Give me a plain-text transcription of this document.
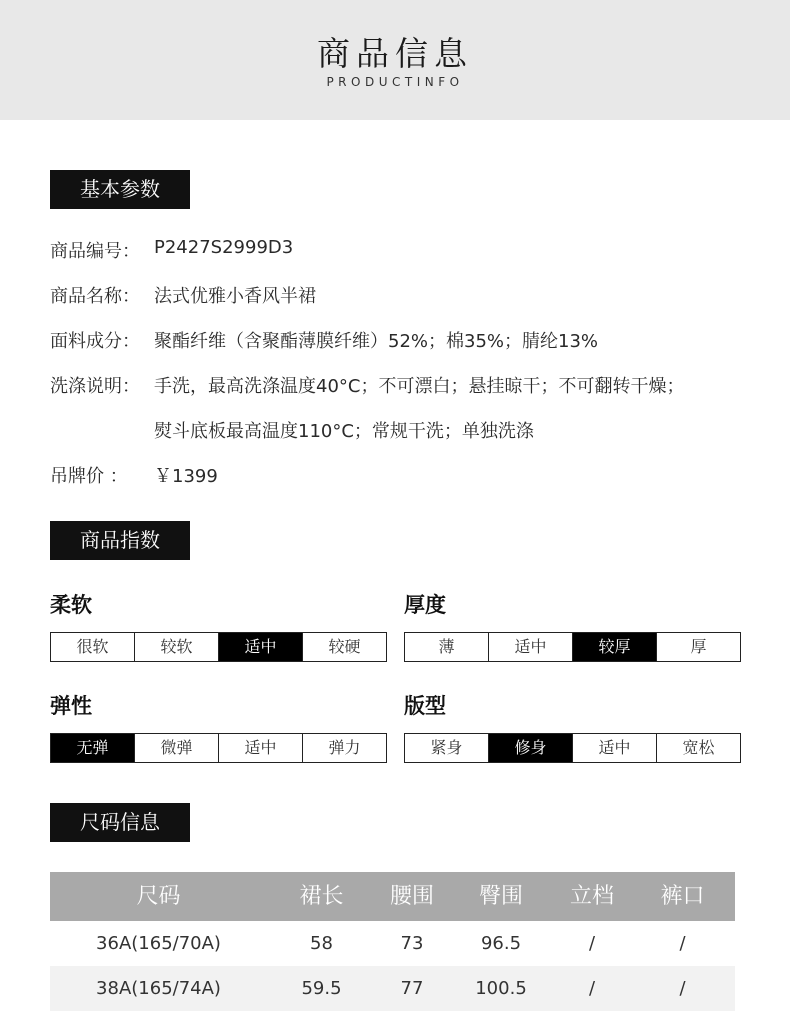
商品信息
PRODUCTINFO
基本参数
商品编号： P2427S2999D3
商品名称： 法式优雅小香风半裙
面料成分： 聚酯纤维（含聚酯薄膜纤维）52%；棉35%；腈纶13%
洗涤说明： 手洗，最高洗涤温度40°C；不可漂白；悬挂晾干；不可翻转干燥；
熨斗底板最高温度110°C；常规干洗；单独洗涤
吊牌价 ： ￥1399
商品指数
柔软
很软	较软	适中	较硬
厚度
薄	适中	较厚	厚
弹性
无弹	微弹	适中	弹力
版型
紧身	修身	适中	宽松
尺码信息
尺码	裙长	腰围	臀围	立档	裤口
36A(165/70A)	58	73	96.5	/	/
38A(165/74A)	59.5	77	100.5	/	/
